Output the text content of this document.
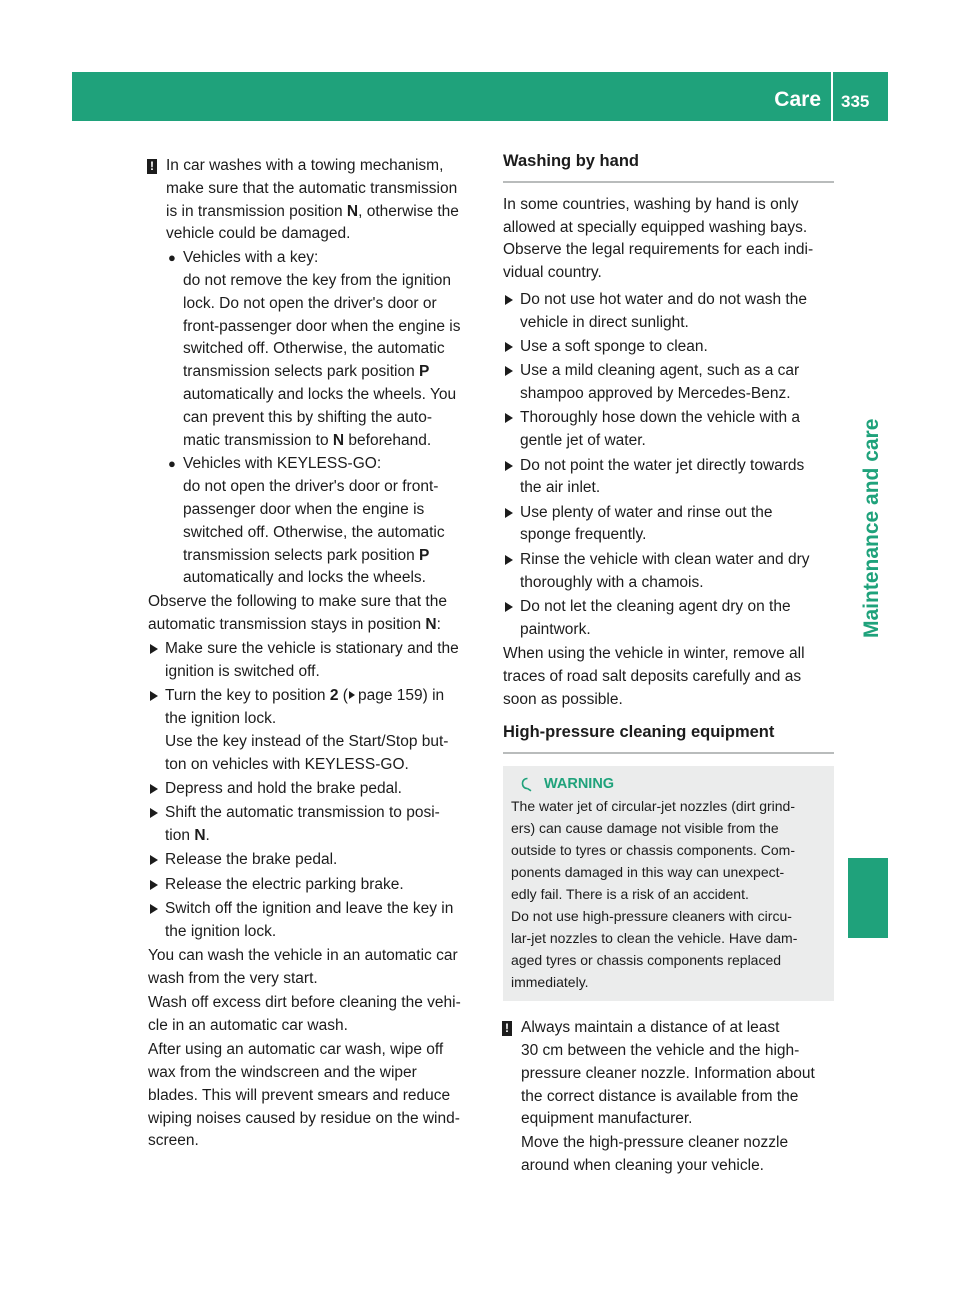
Care 335
Maintenance and care
! In car washes with a towing mechanism,
make sure that the automatic transmission
is in transmission position N, otherwise the
vehicle could be damaged.
● Vehicles with a key:
do not remove the key from the ignition
lock. Do not open the driver's door or
front-passenger door when the engine is
switched off. Otherwise, the automatic
transmission selects park position P
automatically and locks the wheels. You
can prevent this by shifting the auto-
matic transmission to N beforehand.
● Vehicles with KEYLESS-GO:
do not open the driver's door or front-
passenger door when the engine is
switched off. Otherwise, the automatic
transmission selects park position P
automatically and locks the wheels.

Observe the following to make sure that the
automatic transmission stays in position N:

Make sure the vehicle is stationary and the
ignition is switched off.
Turn the key to position 2 ( page 159) in
the ignition lock.
Use the key instead of the Start/Stop but-
ton on vehicles with KEYLESS-GO.
Depress and hold the brake pedal.
Shift the automatic transmission to posi-
tion N.
Release the brake pedal.
Release the electric parking brake.
Switch off the ignition and leave the key in
the ignition lock.

You can wash the vehicle in an automatic car
wash from the very start.

Wash off excess dirt before cleaning the vehi-
cle in an automatic car wash.

After using an automatic car wash, wipe off
wax from the windscreen and the wiper
blades. This will prevent smears and reduce
wiping noises caused by residue on the wind-
screen.

Washing by hand

In some countries, washing by hand is only
allowed at specially equipped washing bays.
Observe the legal requirements for each indi-
vidual country.

Do not use hot water and do not wash the
vehicle in direct sunlight.
Use a soft sponge to clean.
Use a mild cleaning agent, such as a car
shampoo approved by Mercedes-Benz.
Thoroughly hose down the vehicle with a
gentle jet of water.
Do not point the water jet directly towards
the air inlet.
Use plenty of water and rinse out the
sponge frequently.
Rinse the vehicle with clean water and dry
thoroughly with a chamois.
Do not let the cleaning agent dry on the
paintwork.

When using the vehicle in winter, remove all
traces of road salt deposits carefully and as
soon as possible.

High-pressure cleaning equipment
WARNING
The water jet of circular-jet nozzles (dirt grind-
ers) can cause damage not visible from the
outside to tyres or chassis components. Com-
ponents damaged in this way can unexpect-
edly fail. There is a risk of an accident.
Do not use high-pressure cleaners with circu-
lar-jet nozzles to clean the vehicle. Have dam-
aged tyres or chassis components replaced
immediately.
! Always maintain a distance of at least
30 cm between the vehicle and the high-
pressure cleaner nozzle. Information about
the correct distance is available from the
equipment manufacturer.
Move the high-pressure cleaner nozzle
around when cleaning your vehicle.
